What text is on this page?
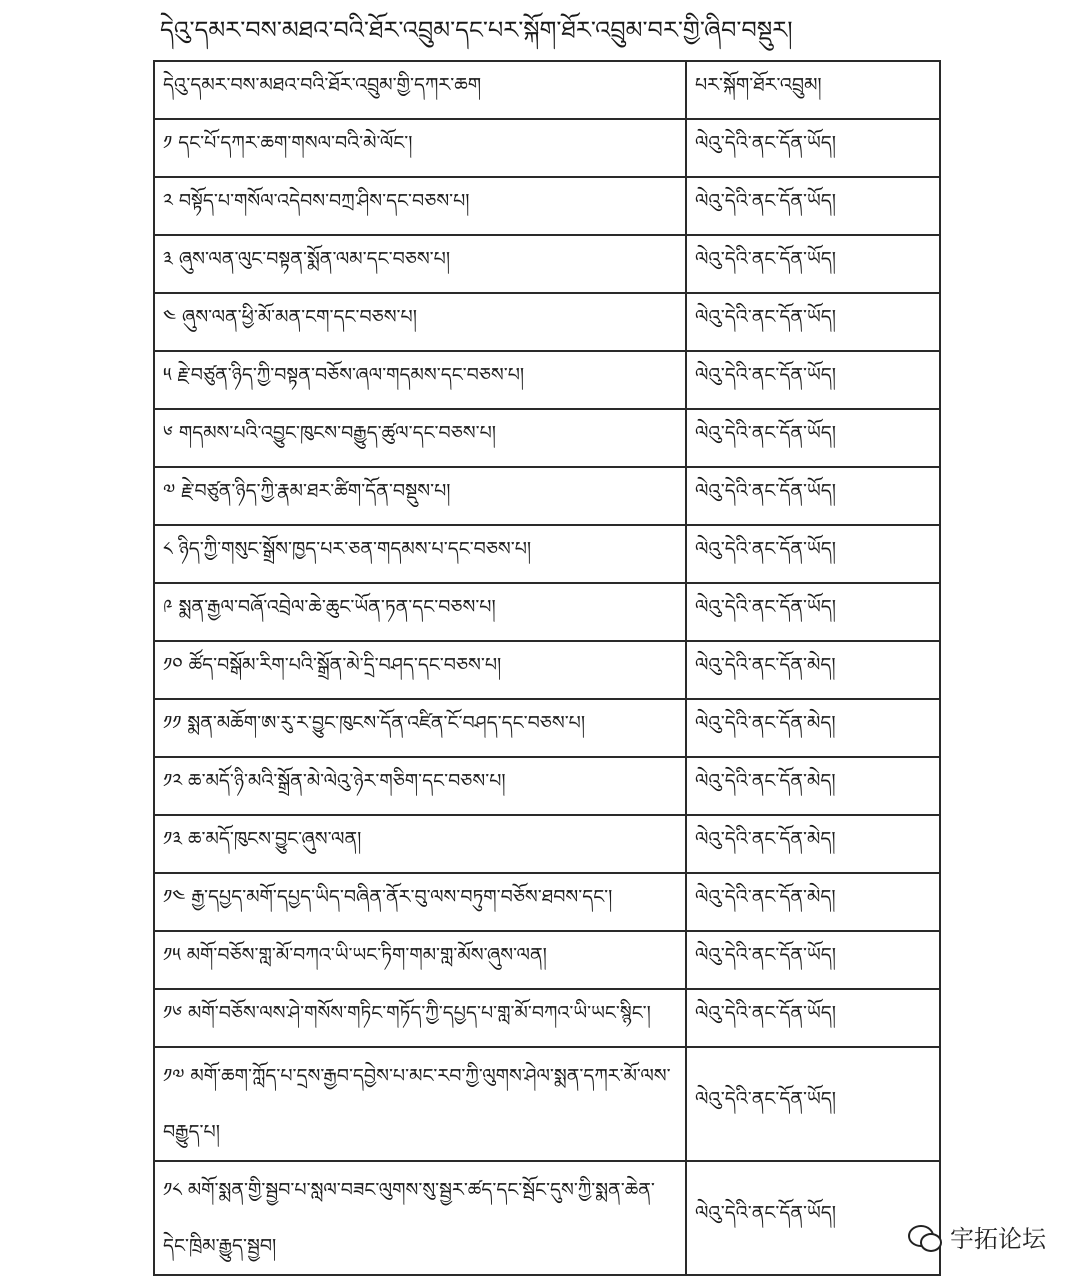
དེའུ་དམར་བས་མཐའ་བའི་ཐོར་འབྲུམ་དང་པར་སྐོག་ཐོར་འབྲུམ་བར་གྱི་ཞིབ་བསྡུར།
དེའུ་དམར་བས་མཐའ་བའི་ཐོར་འབྲུམ་གྱི་དཀར་ཆག	པར་སྐོག་ཐོར་འབྲུམ།
༡ དང་པོ་དཀར་ཆག་གསལ་བའི་མེ་ལོང་།	ལེའུ་དེའི་ནང་དོན་ཡོད།
༢ བསྟོད་པ་གསོལ་འདེབས་བཀྲ་ཤིས་དང་བཅས་པ།	ལེའུ་དེའི་ནང་དོན་ཡོད།
༣ ཞུས་ལན་ལུང་བསྟན་སྨོན་ལམ་དང་བཅས་པ།	ལེའུ་དེའི་ནང་དོན་ཡོད།
༤ ཞུས་ལན་ཕྱི་མོ་མན་ངག་དང་བཅས་པ།	ལེའུ་དེའི་ནང་དོན་ཡོད།
༥ རྗེ་བཙུན་ཉིད་ཀྱི་བསྟན་བཅོས་ཞལ་གདམས་དང་བཅས་པ།	ལེའུ་དེའི་ནང་དོན་ཡོད།
༦ གདམས་པའི་འབྱུང་ཁུངས་བརྒྱུད་ཚུལ་དང་བཅས་པ།	ལེའུ་དེའི་ནང་དོན་ཡོད།
༧ རྗེ་བཙུན་ཉིད་ཀྱི་རྣམ་ཐར་ཚིག་དོན་བསྡུས་པ།	ལེའུ་དེའི་ནང་དོན་ཡོད།
༨ ཉིད་ཀྱི་གསུང་སྒྲོས་ཁྱད་པར་ཅན་གདམས་པ་དང་བཅས་པ།	ལེའུ་དེའི་ནང་དོན་ཡོད།
༩ སྨན་རྒྱལ་བཞོ་འབྲེལ་ཆེ་ཆུང་ཡོན་ཏན་དང་བཅས་པ།	ལེའུ་དེའི་ནང་དོན་ཡོད།
༡༠ ཚོད་བསྒོམ་རིག་པའི་སྒྲོན་མེ་དྲི་བཤད་དང་བཅས་པ།	ལེའུ་དེའི་ནང་དོན་མེད།
༡༡ སྨན་མཆོག་ཨ་རུ་ར་བྱུང་ཁུངས་དོན་འཛིན་ངོ་བཤད་དང་བཅས་པ།	ལེའུ་དེའི་ནང་དོན་མེད།
༡༢ ཆ་མདོ་ཉི་མའི་སྒྲོན་མེ་ལེའུ་ཉེར་གཅིག་དང་བཅས་པ།	ལེའུ་དེའི་ནང་དོན་མེད།
༡༣ ཆ་མདོ་ཁུངས་བྱུང་ཞུས་ལན།	ལེའུ་དེའི་ནང་དོན་མེད།
༡༤ རྒྱ་དཔྱད་མགོ་དཔྱད་ཡིད་བཞིན་ནོར་བུ་ལས་བཏུག་བཅོས་ཐབས་དང་།	ལེའུ་དེའི་ནང་དོན་མེད།
༡༥ མགོ་བཅོས་གླ་མོ་བཀའ་ཡི་ཡང་ཏིག་གམ་གླ་མོས་ཞུས་ལན།	ལེའུ་དེའི་ནང་དོན་ཡོད།
༡༦ མགོ་བཅོས་ལས་ཤེ་གསོས་གཏིང་གཏོད་ཀྱི་དཔྱད་པ་གླ་མོ་བཀའ་ཡི་ཡང་སྙིང་།	ལེའུ་དེའི་ནང་དོན་ཡོད།
༡༧ མགོ་ཆག་ཀློད་པ་དྲས་རྒྱབ་དབྱེས་པ་མང་རབ་ཀྱི་ལུགས་ཤེལ་སྨན་དཀར་མོ་ལས་བརྒྱུད་པ།	ལེའུ་དེའི་ནང་དོན་ཡོད།
༡༨ མགོ་སྨན་གྱི་སྦྱབ་པ་སླལ་བཟང་ལུགས་སུ་སྦྱར་ཚད་དང་སྦོང་དུས་ཀྱི་སྨན་ཆེན་དེང་ཁྲིམ་རྒྱུད་སྦྱབ།	ལེའུ་དེའི་ནང་དོན་ཡོད།
宇拓论坛
